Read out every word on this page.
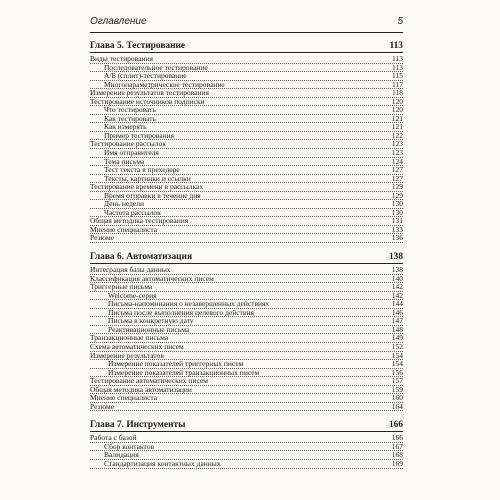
Оглавление	5
Глава 5. Тестирование	113
Виды тестирования	113
Последовательное тестирование	113
А/Б (сплит)-тестирование	115
Многопараметрическое тестирование	117
Измерение результатов тестирования	118
Тестирование источников подписки	120
Что тестировать	120
Как тестировать	121
Как измерять	121
Пример тестирования	122
Тестирование рассылок	123
Имя отправителя	123
Тема письма	124
Тест текста в прехедере	127
Тексты, картинки и ссылки	127
Тестирование времени в рассылках	129
Время отправки в течение дня	129
День недели	130
Частота рассылок	130
Общая методика тестирования	131
Мнение специалиста	133
Резюме	136
Глава 6. Автоматизация	138
Интеграция базы данных	138
Классификация автоматических писем	140
Триггерные письма	142
Welcome-серия	142
Письма-напоминания о незавершенных действиях	144
Письма после выполнения целевого действия	146
Письма в конкретную дату	147
Реактивационные письма	148
Транзакционные письма	149
Схема автоматических писем	152
Измерение результатов	154
Измерение показателей триггерных писем	154
Измерение показателей транзакционных писем	156
Тестирование автоматических писем	157
Общая методика автоматизации	159
Мнение специалиста	160
Резюме	164
Глава 7. Инструменты	166
Работа с базой	166
Сбор контактов	167
Валидация	168
Стандартизация контактных данных	169
